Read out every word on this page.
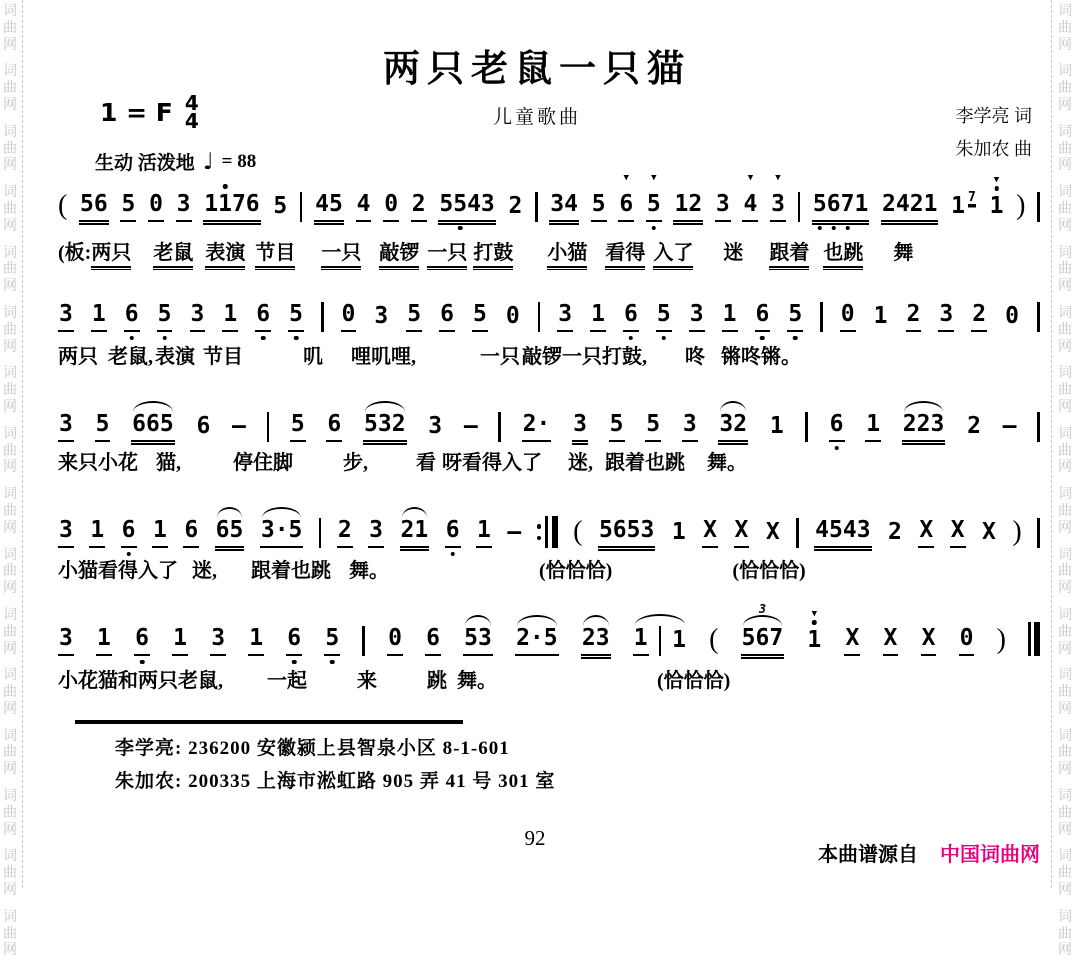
词
曲
网
词
曲
网
词
曲
网
词
曲
网
词
曲
网
词
曲
网
词
曲
网
词
曲
网
词
曲
网
词
曲
网
词
曲
网
词
曲
网
词
曲
网
词
曲
网
词
曲
网
词
曲
网
词
曲
网
词
曲
网
词
曲
网
词
曲
网
词
曲
网
词
曲
网
词
曲
网
词
曲
网
词
曲
网
词
曲
网
词
曲
网
词
曲
网
词
曲
网
词
曲
网
词
曲
网
词
曲
网
两只老鼠一只猫
儿童歌曲
1 = F 4
4	李学亮 词
朱加农 曲
生动 活泼地 ♩ = 88
( 5 6 5 0 3 1 1 7 6 5 4 5 4 0 2 5 5 4 3 2 3 4 5 6
▼
5
▼
1 2 3 4
▼
3
▼
5 6 7 1 2 4 2 1 1 7 1
▼
)
(板: 两只 老鼠 表演 节目 一只 敲锣 一只 打鼓 小猫 看得 入了 迷 跟着 也跳 舞
3 1 6 5 3 1 6 5 0 3 5 6 5 0 3 1 6 5 3 1 6 5 0 1 2 3 2 0
两只 老鼠, 表演 节目	叽 哩叽哩,	一只 敲锣一只打鼓, 咚 锵咚锵。
3 5 6 6 5 6 — 5 6 5 3 2 3 — 2 · 3 5 5 3 3 2 1 6 1 2 2 3 2 —
来只小花 猫,	停住脚	步, 看 呀看得入了 迷, 跟着也跳 舞。
3 1 6 1 6 6 5 3 · 5 2 3 2 1 6 1 — ( 5 6 5 3 1 X X X 4 5 4 3 2 X X X )
小猫看得入了 迷, 跟着也跳 舞。	(恰恰恰)	(恰恰恰)
3 1 6 1 3 1 6 5 0 6 5 3 2 · 5 2 3 1 1 ( 5 6 7
3
1
▼
X X X 0 )
小花猫和两只老鼠, 一起	来	跳 舞。	(恰恰恰)
李学亮: 236200 安徽颍上县智泉小区 8-1-601
朱加农: 200335 上海市淞虹路 905 弄 41 号 301 室
92
本曲谱源自 中国词曲网
